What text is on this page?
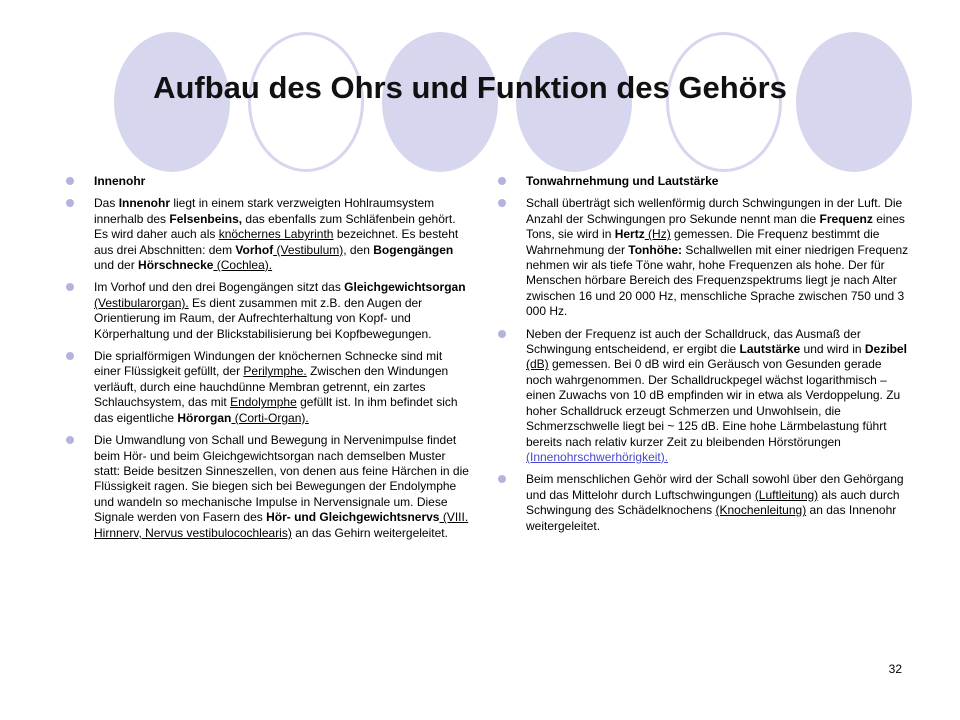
Aufbau des Ohrs und Funktion des Gehörs
Innenohr
Das Innenohr liegt in einem stark verzweigten Hohlraumsystem innerhalb des Felsenbeins, das ebenfalls zum Schläfenbein gehört. Es wird daher auch als knöchernes Labyrinth bezeichnet. Es besteht aus drei Abschnitten: dem Vorhof (Vestibulum), den Bogengängen und der Hörschnecke (Cochlea).
Im Vorhof und den drei Bogengängen sitzt das Gleichgewichtsorgan (Vestibularorgan). Es dient zusammen mit z.B. den Augen der Orientierung im Raum, der Aufrechterhaltung von Kopf- und Körperhaltung und der Blickstabilisierung bei Kopfbewegungen.
Die sprialförmigen Windungen der knöchernen Schnecke sind mit einer Flüssigkeit gefüllt, der Perilymphe. Zwischen den Windungen verläuft, durch eine hauchdünne Membran getrennt, ein zartes Schlauchsystem, das mit Endolymphe gefüllt ist. In ihm befindet sich das eigentliche Hörorgan (Corti-Organ).
Die Umwandlung von Schall und Bewegung in Nervenimpulse findet beim Hör- und beim Gleichgewichtsorgan nach demselben Muster statt: Beide besitzen Sinneszellen, von denen aus feine Härchen in die Flüssigkeit ragen. Sie biegen sich bei Bewegungen der Endolymphe und wandeln so mechanische Impulse in Nervensignale um. Diese Signale werden von Fasern des Hör- und Gleichgewichtsnervs (VIII. Hirnnerv, Nervus vestibulocochlearis) an das Gehirn weitergeleitet.
Tonwahrnehmung und Lautstärke
Schall überträgt sich wellenförmig durch Schwingungen in der Luft. Die Anzahl der Schwingungen pro Sekunde nennt man die Frequenz eines Tons, sie wird in Hertz (Hz) gemessen. Die Frequenz bestimmt die Wahrnehmung der Tonhöhe: Schallwellen mit einer niedrigen Frequenz nehmen wir als tiefe Töne wahr, hohe Frequenzen als hohe. Der für Menschen hörbare Bereich des Frequenzspektrums liegt je nach Alter zwischen 16 und 20 000 Hz, menschliche Sprache zwischen 750 und 3 000 Hz.
Neben der Frequenz ist auch der Schalldruck, das Ausmaß der Schwingung entscheidend, er ergibt die Lautstärke und wird in Dezibel (dB) gemessen. Bei 0 dB wird ein Geräusch von Gesunden gerade noch wahrgenommen. Der Schalldruckpegel wächst logarithmisch – einen Zuwachs von 10 dB empfinden wir in etwa als Verdoppelung. Zu hoher Schalldruck erzeugt Schmerzen und Unwohlsein, die Schmerzschwelle liegt bei ~ 125 dB. Eine hohe Lärmbelastung führt bereits nach relativ kurzer Zeit zu bleibenden Hörstörungen (Innenohrschwerhörigkeit).
Beim menschlichen Gehör wird der Schall sowohl über den Gehörgang und das Mittelohr durch Luftschwingungen (Luftleitung) als auch durch Schwingung des Schädelknochens (Knochenleitung) an das Innenohr weitergeleitet.
32
